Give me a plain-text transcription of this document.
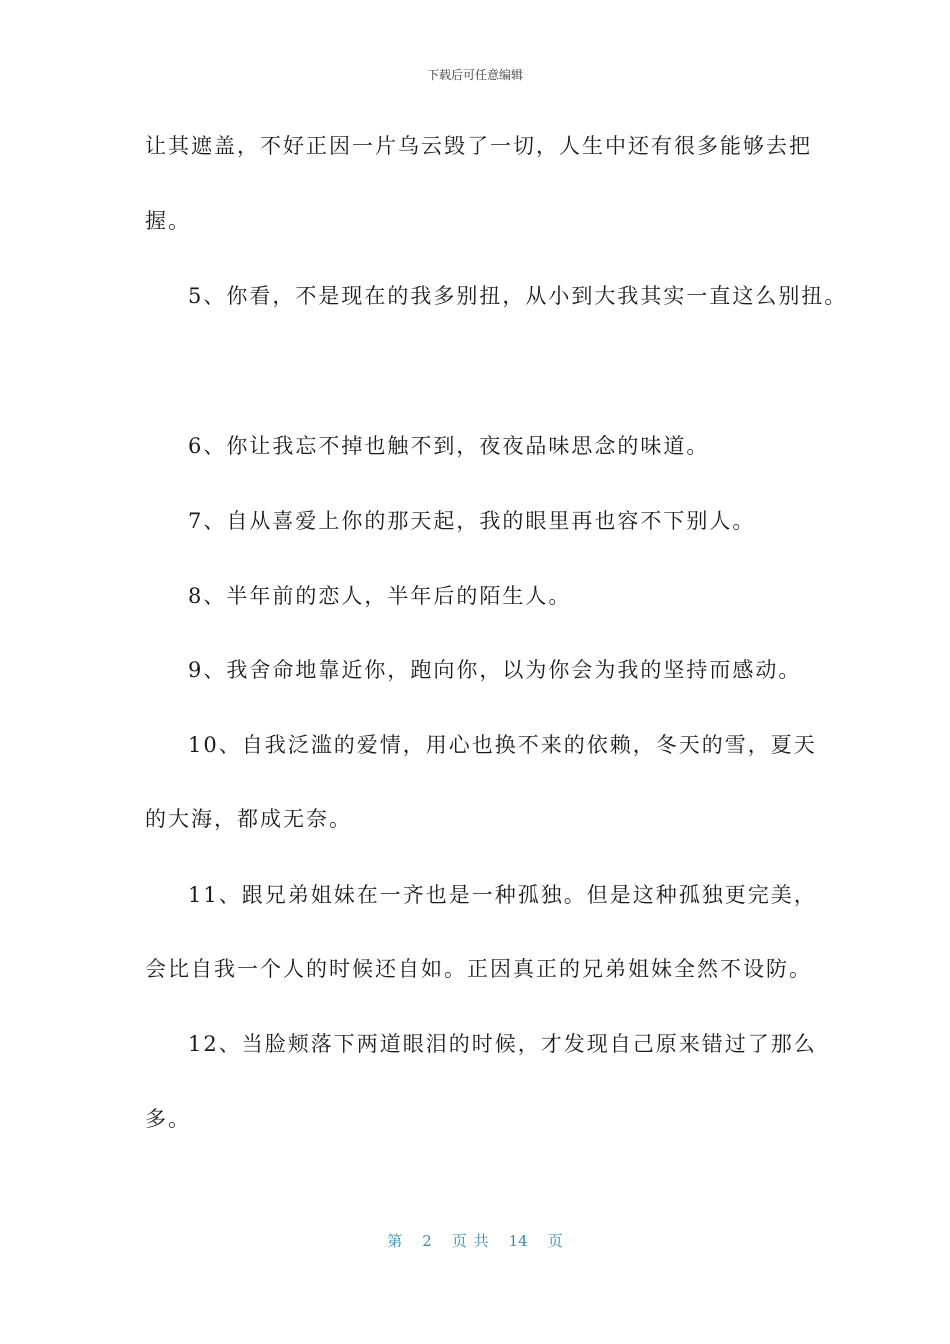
下载后可任意编辑
让其遮盖，不好正因一片乌云毁了一切，人生中还有很多能够去把
握。
5、你看，不是现在的我多别扭，从小到大我其实一直这么别扭。
6、你让我忘不掉也触不到，夜夜品味思念的味道。
7、自从喜爱上你的那天起，我的眼里再也容不下别人。
8、半年前的恋人，半年后的陌生人。
9、我舍命地靠近你，跑向你，以为你会为我的坚持而感动。
10、自我泛滥的爱情，用心也换不来的依赖，冬天的雪，夏天
的大海，都成无奈。
11、跟兄弟姐妹在一齐也是一种孤独。但是这种孤独更完美，
会比自我一个人的时候还自如。正因真正的兄弟姐妹全然不设防。
12、当脸颊落下两道眼泪的时候，才发现自己原来错过了那么
多。
第 2 页 共 14 页
